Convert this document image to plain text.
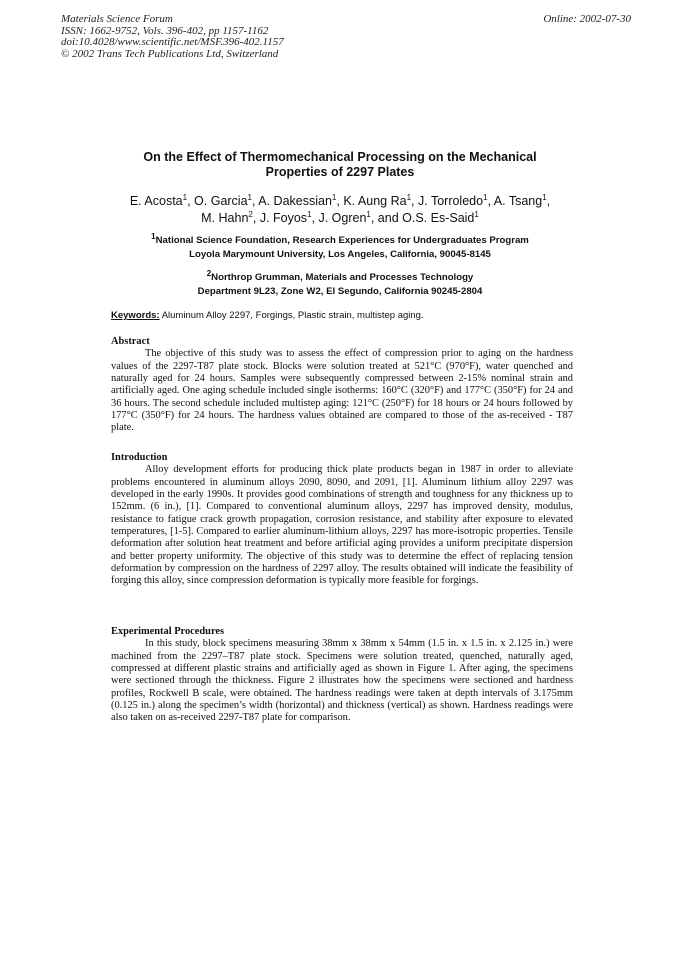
Materials Science Forum
ISSN: 1662-9752, Vols. 396-402, pp 1157-1162
doi:10.4028/www.scientific.net/MSF.396-402.1157
© 2002 Trans Tech Publications Ltd, Switzerland
Online: 2002-07-30
On the Effect of Thermomechanical Processing on the Mechanical
Properties of 2297 Plates
E. Acosta$^1$, O. Garcia$^1$, A. Dakessian$^1$, K. Aung Ra$^1$, J. Torroledo$^1$, A. Tsang$^1$,
M. Hahn$^2$, J. Foyos$^1$, J. Ogren$^1$, and O.S. Es-Said$^1$
$^1$National Science Foundation, Research Experiences for Undergraduates Program
Loyola Marymount University, Los Angeles, California, 90045-8145
$^2$Northrop Grumman, Materials and Processes Technology
Department 9L23, Zone W2, El Segundo, California 90245-2804
Keywords: Aluminum Alloy 2297, Forgings, Plastic strain, multistep aging.
Abstract

The objective of this study was to assess the effect of compression prior to aging on the hardness values of the 2297-T87 plate stock. Blocks were solution treated at 521°C (970°F), water quenched and naturally aged for 24 hours. Samples were subsequently compressed between 2-15% nominal strain and artificially aged. One aging schedule included single isotherms: 160°C (320°F) and 177°C (350°F) for 24 and 36 hours. The second schedule included multistep aging: 121°C (250°F) for 18 hours or 24 hours followed by 177°C (350°F) for 24 hours. The hardness values obtained are compared to those of the as-received - T87 plate.

Introduction

Alloy development efforts for producing thick plate products began in 1987 in order to alleviate problems encountered in aluminum alloys 2090, 8090, and 2091, [1]. Aluminum lithium alloy 2297 was developed in the early 1990s. It provides good combinations of strength and toughness for any thickness up to 152mm. (6 in.), [1]. Compared to conventional aluminum alloys, 2297 has improved density, modulus, resistance to fatigue crack growth propagation, corrosion resistance, and stability after exposure to elevated temperatures, [1-5]. Compared to earlier aluminum-lithium alloys, 2297 has more-isotropic properties. Tensile deformation after solution heat treatment and before artificial aging provides a uniform precipitate dispersion and better property uniformity. The objective of this study was to determine the effect of replacing tension deformation by compression on the hardness of 2297 alloy. The results obtained will indicate the feasibility of forging this alloy, since compression deformation is typically more feasible for forgings.

Experimental Procedures

In this study, block specimens measuring 38mm x 38mm x 54mm (1.5 in. x 1.5 in. x 2.125 in.) were machined from the 2297–T87 plate stock. Specimens were solution treated, quenched, naturally aged, compressed at different plastic strains and artificially aged as shown in Figure 1. After aging, the specimens were sectioned through the thickness. Figure 2 illustrates how the specimens were sectioned and hardness profiles, Rockwell B scale, were obtained. The hardness readings were taken at depth intervals of 3.175mm (0.125 in.) along the specimen’s width (horizontal) and thickness (vertical) as shown. Hardness readings were also taken on as-received 2297-T87 plate for comparison.
